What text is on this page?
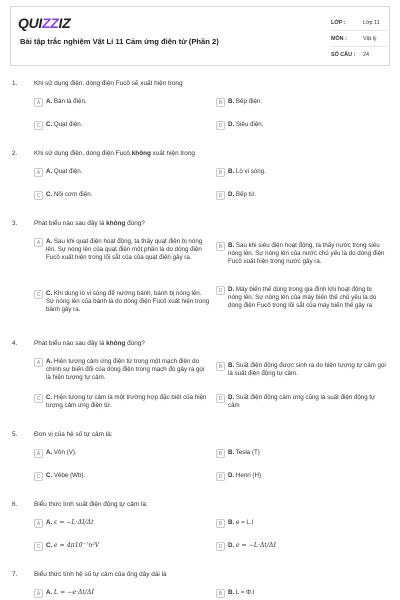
QUIZZIZ
Bài tập trắc nghiệm Vật Lí 11 Cảm ứng điện từ (Phần 2)
LỚP :	Lớp 11
MÔN :	Vật lý
SỐ CÂU :	24
1.	Khi sử dụng điện, dòng điện Fucô sẽ xuất hiện trong
A A. Bàn là điện.	B B. Bếp điện.
C C. Quạt điện.	D D. Siêu điện.
2.	Khi sử dụng điện, dòng điện Fucô không xuất hiện trong
A A. Quạt điện.	B B. Lò vi sóng.
C C. Nồi cơm điện.	D D. Bếp từ.
3.	Phát biểu nào sau đây là không đúng?
A A. Sau khi quạt điện hoạt động, ta thấy quạt điện bị nóng lên. Sự nóng lên của quạt điện một phần là do dòng điện Fucô xuất hiện trong lõi sắt của của quạt điện gây ra.
B B. Sau khi siêu điện hoạt động, ta thấy nước trong siêu nóng lên. Sự nóng lên của nước chủ yếu là do dòng điện Fucô xuất hiện trong nước gây ra.
C C. Khi dùng lò vi sóng để nướng bánh, bánh bị nóng lên. Sự nóng lên của bánh là do dòng điện Fucô xuất hiện trong bánh gây ra.
D D. Máy biến thế dùng trong gia đình khi hoạt động bị nóng lên. Sự nóng lên của máy biến thế chủ yếu là do dòng điện Fucô trong lõi sắt của máy biến thế gây ra
4.	Phát biểu nào sau đây là không đúng?
A A. Hiện tượng cảm ứng điện từ trong một mạch điện do chính sự biến đổi của dòng điện trong mạch đó gây ra gọi là hiện tượng tự cảm.
B B. Suất điện động được sinh ra do hiện tượng tự cảm gọi là suất điện động tự cảm.
C C. Hiện tượng tự cảm là một trường hợp đặc biệt của hiện tượng cảm ứng điện từ.
D D. Suất điện động cảm ứng cũng là suất điện động tự cảm
5.	Đơn vị của hệ số tự cảm là:
A A. Vôn (V).	B B. Tesla (T)
C C. Vêbe (Wb).	D D. Henri (H)
6.	Biểu thức tính suất điện động tự cảm là:
A A. ε = −L·ΔI/Δt	B B. e = L.I
C C. e = 4π10⁻⁷n²V	D D. e = −L·Δt/ΔI
7.	Biểu thức tính hệ số tự cảm của ống dây dài là
A A. L = −e·Δt/ΔI	B B. L = Φ.I
